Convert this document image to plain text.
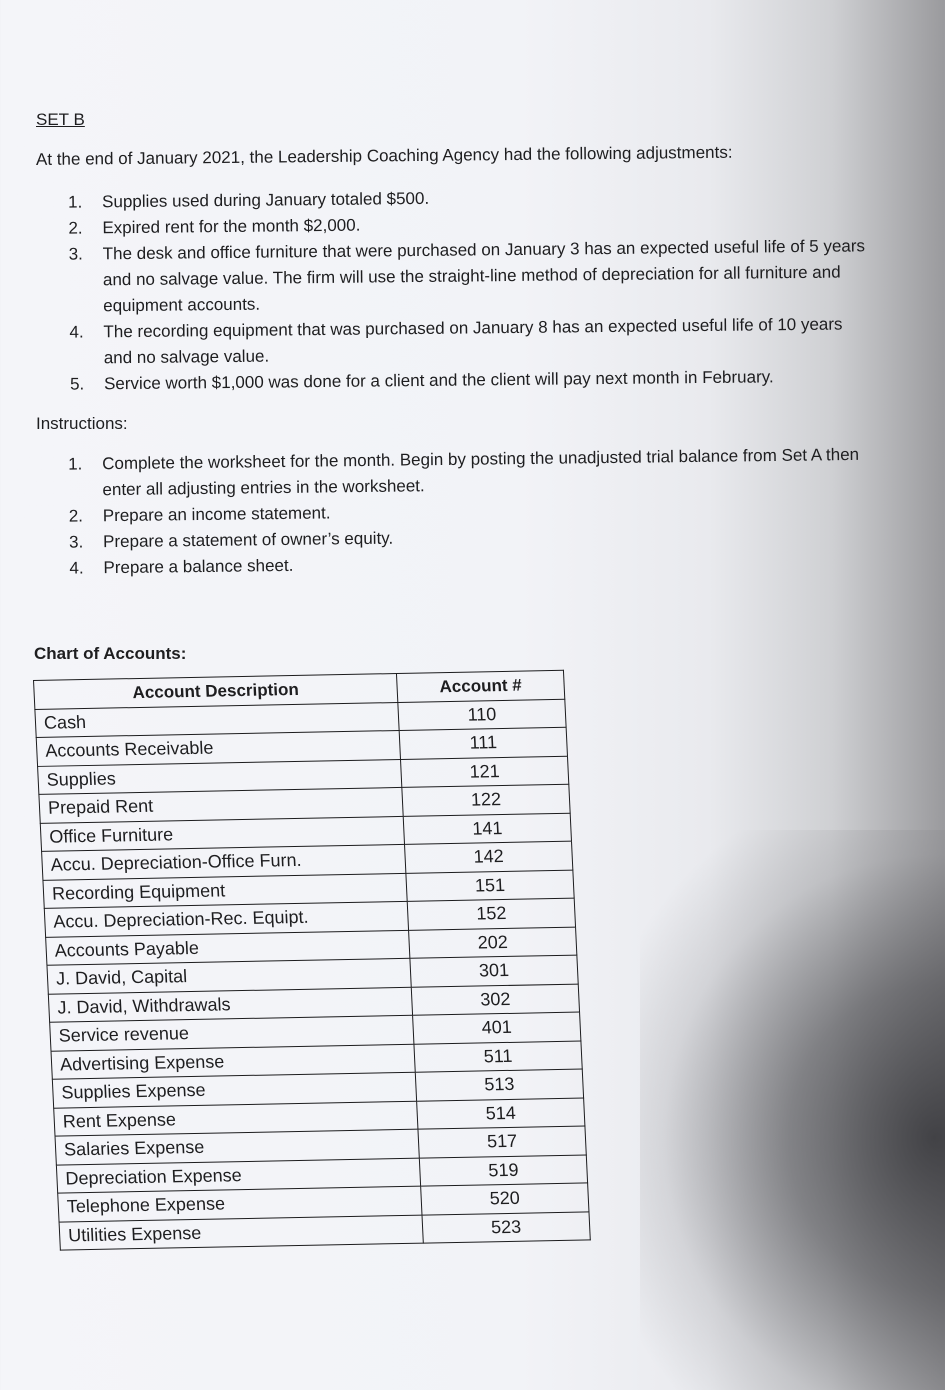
SET B

At the end of January 2021, the Leadership Coaching Agency had the following adjustments:

1. Supplies used during January totaled $500.
2. Expired rent for the month $2,000.
3. The desk and office furniture that were purchased on January 3 has an expected useful life of 5 years and no salvage value. The firm will use the straight-line method of depreciation for all furniture and equipment accounts.
4. The recording equipment that was purchased on January 8 has an expected useful life of 10 years and no salvage value.
5. Service worth $1,000 was done for a client and the client will pay next month in February.
Instructions:
1. Complete the worksheet for the month. Begin by posting the unadjusted trial balance from Set A then enter all adjusting entries in the worksheet.
2. Prepare an income statement.
3. Prepare a statement of owner’s equity.
4. Prepare a balance sheet.
Chart of Accounts:
Account Description	Account #
Cash	110
Accounts Receivable	111
Supplies	121
Prepaid Rent	122
Office Furniture	141
Accu. Depreciation-Office Furn.	142
Recording Equipment	151
Accu. Depreciation-Rec. Equipt.	152
Accounts Payable	202
J. David, Capital	301
J. David, Withdrawals	302
Service revenue	401
Advertising Expense	511
Supplies Expense	513
Rent Expense	514
Salaries Expense	517
Depreciation Expense	519
Telephone Expense	520
Utilities Expense	523
